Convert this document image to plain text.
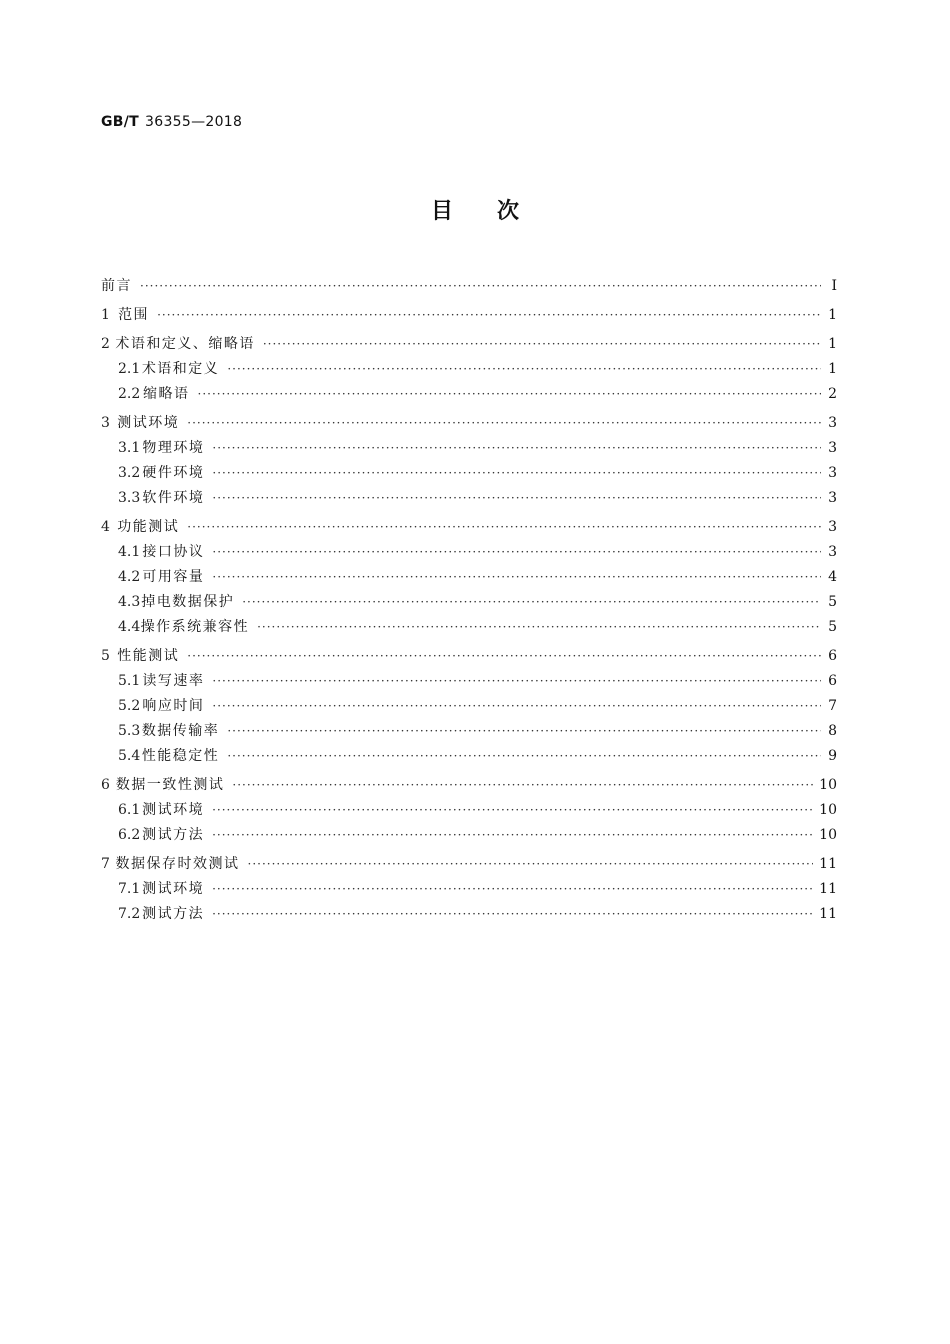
GB/T 36355—2018
目次
前言 ·····	Ⅰ
1 范围 ·····	1
2 术语和定义、缩略语 ·····	1
2.1 术语和定义 ·····	1
2.2 缩略语 ·····	2
3 测试环境 ·····	3
3.1 物理环境 ·····	3
3.2 硬件环境 ·····	3
3.3 软件环境 ·····	3
4 功能测试 ·····	3
4.1 接口协议 ·····	3
4.2 可用容量 ·····	4
4.3 掉电数据保护 ·····	5
4.4 操作系统兼容性 ·····	5
5 性能测试 ·····	6
5.1 读写速率 ·····	6
5.2 响应时间 ·····	7
5.3 数据传输率 ·····	8
5.4 性能稳定性 ·····	9
6 数据一致性测试 ·····	10
6.1 测试环境 ·····	10
6.2 测试方法 ·····	10
7 数据保存时效测试 ·····	11
7.1 测试环境 ·····	11
7.2 测试方法 ·····	11
